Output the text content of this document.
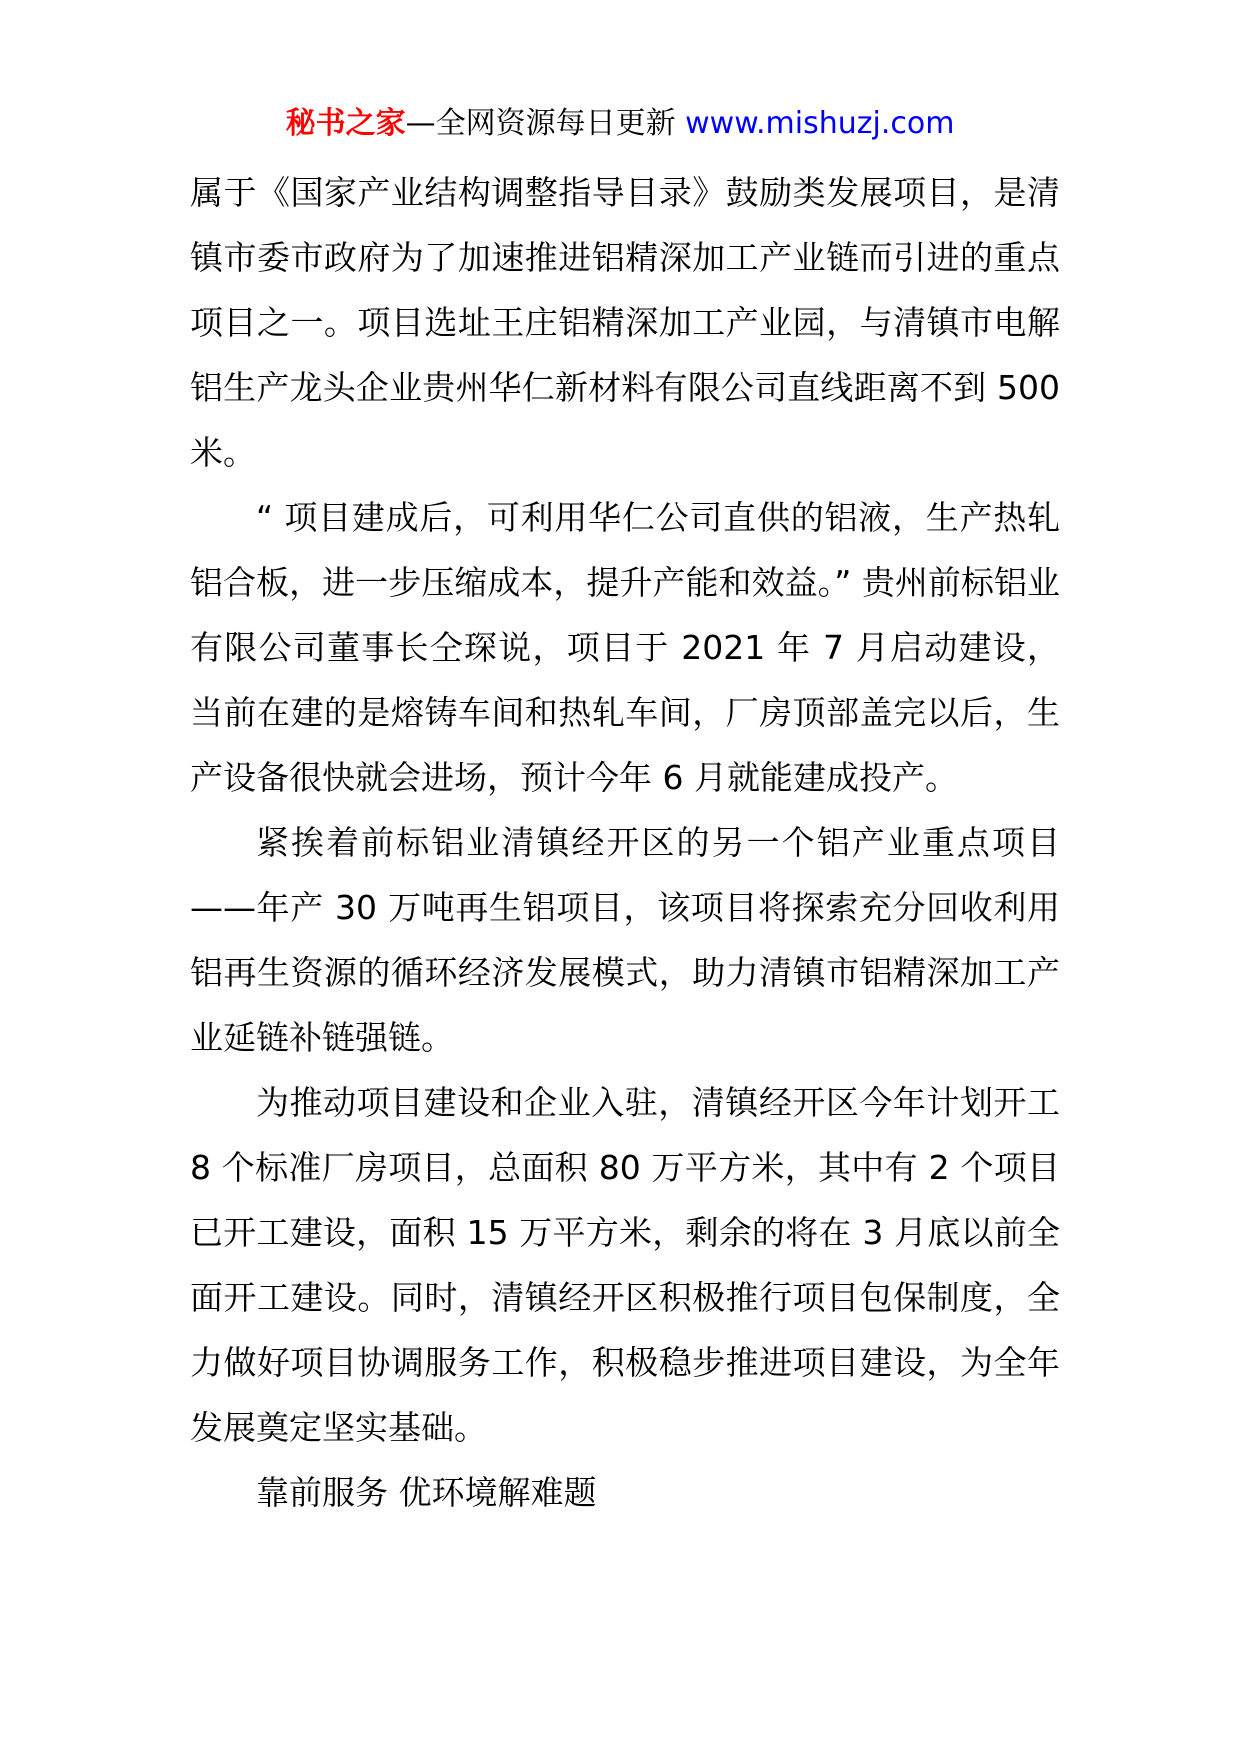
秘书之家—全网资源每日更新 www.mishuzj.com

属于《国家产业结构调整指导目录》鼓励类发展项目，是清镇市委市政府为了加速推进铝精深加工产业链而引进的重点项目之一。项目选址王庄铝精深加工产业园，与清镇市电解铝生产龙头企业贵州华仁新材料有限公司直线距离不到 500 米。

“ 项目建成后，可利用华仁公司直供的铝液，生产热轧铝合板，进一步压缩成本，提升产能和效益。” 贵州前标铝业有限公司董事长仝琛说，项目于 2021 年 7 月启动建设，当前在建的是熔铸车间和热轧车间，厂房顶部盖完以后，生产设备很快就会进场，预计今年 6 月就能建成投产。

紧挨着前标铝业清镇经开区的另一个铝产业重点项目——年产 30 万吨再生铝项目，该项目将探索充分回收利用铝再生资源的循环经济发展模式，助力清镇市铝精深加工产业延链补链强链。

为推动项目建设和企业入驻，清镇经开区今年计划开工 8 个标准厂房项目，总面积 80 万平方米，其中有 2 个项目已开工建设，面积 15 万平方米，剩余的将在 3 月底以前全面开工建设。同时，清镇经开区积极推行项目包保制度，全力做好项目协调服务工作，积极稳步推进项目建设，为全年发展奠定坚实基础。

靠前服务 优环境解难题
